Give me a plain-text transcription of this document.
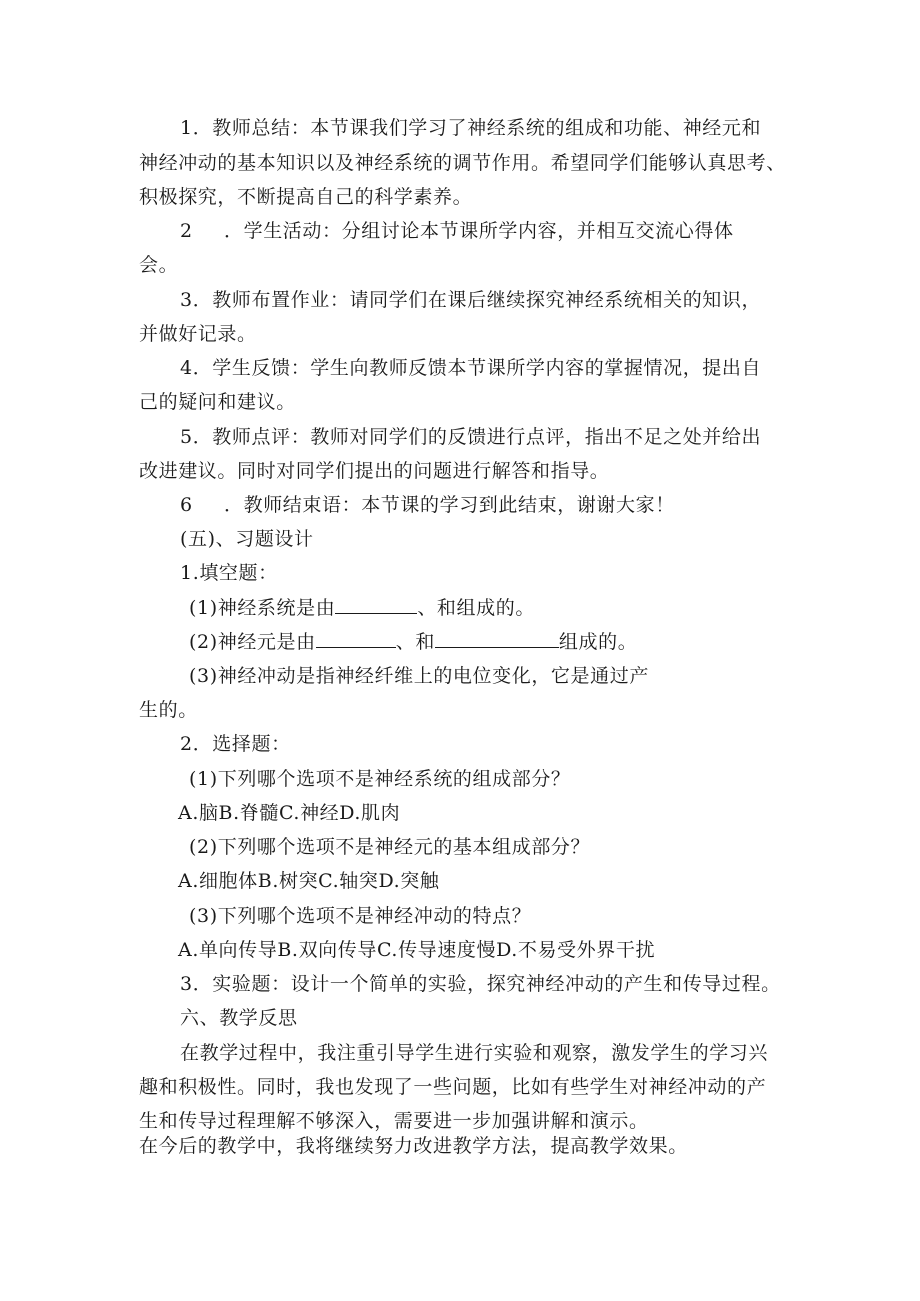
1．教师总结：本节课我们学习了神经系统的组成和功能、神经元和
神经冲动的基本知识以及神经系统的调节作用。希望同学们能够认真思考、
积极探究，不断提高自己的科学素养。
2 ．学生活动：分组讨论本节课所学内容，并相互交流心得体
会。
3．教师布置作业：请同学们在课后继续探究神经系统相关的知识，
并做好记录。
4．学生反馈：学生向教师反馈本节课所学内容的掌握情况，提出自
己的疑问和建议。
5．教师点评：教师对同学们的反馈进行点评，指出不足之处并给出
改进建议。同时对同学们提出的问题进行解答和指导。
6 ．教师结束语：本节课的学习到此结束，谢谢大家！
(五)、习题设计
1.填空题：
(1)神经系统是由	、和组成的。
(2)神经元是由	、和	组成的。
(3)神经冲动是指神经纤维上的电位变化，它是通过产
生的。
2．选择题：
(1)下列哪个选项不是神经系统的组成部分？
A.脑B.脊髓C.神经D.肌肉
(2)下列哪个选项不是神经元的基本组成部分？
A.细胞体B.树突C.轴突D.突触
(3)下列哪个选项不是神经冲动的特点？
A.单向传导B.双向传导C.传导速度慢D.不易受外界干扰
3．实验题：设计一个简单的实验，探究神经冲动的产生和传导过程。
六、教学反思
在教学过程中，我注重引导学生进行实验和观察，激发学生的学习兴
趣和积极性。同时，我也发现了一些问题，比如有些学生对神经冲动的产
生和传导过程理解不够深入，需要进一步加强讲解和演示。
在今后的教学中，我将继续努力改进教学方法，提高教学效果。
